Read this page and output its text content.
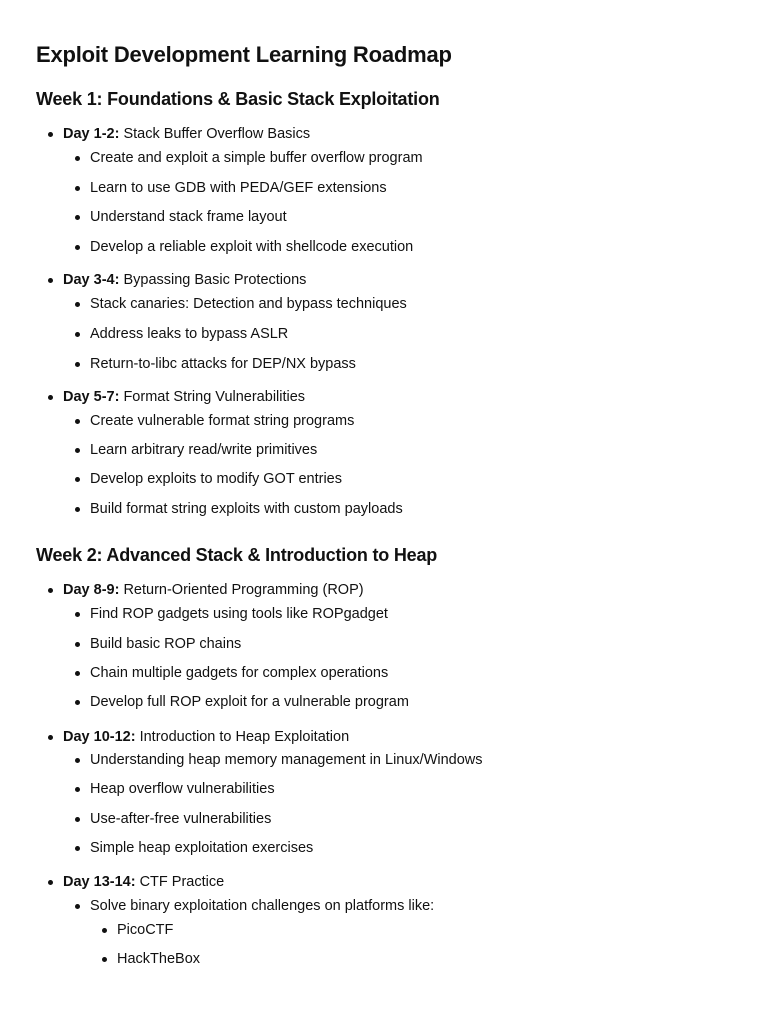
Exploit Development Learning Roadmap
Week 1: Foundations & Basic Stack Exploitation
Day 1-2: Stack Buffer Overflow Basics
Create and exploit a simple buffer overflow program
Learn to use GDB with PEDA/GEF extensions
Understand stack frame layout
Develop a reliable exploit with shellcode execution
Day 3-4: Bypassing Basic Protections
Stack canaries: Detection and bypass techniques
Address leaks to bypass ASLR
Return-to-libc attacks for DEP/NX bypass
Day 5-7: Format String Vulnerabilities
Create vulnerable format string programs
Learn arbitrary read/write primitives
Develop exploits to modify GOT entries
Build format string exploits with custom payloads
Week 2: Advanced Stack & Introduction to Heap
Day 8-9: Return-Oriented Programming (ROP)
Find ROP gadgets using tools like ROPgadget
Build basic ROP chains
Chain multiple gadgets for complex operations
Develop full ROP exploit for a vulnerable program
Day 10-12: Introduction to Heap Exploitation
Understanding heap memory management in Linux/Windows
Heap overflow vulnerabilities
Use-after-free vulnerabilities
Simple heap exploitation exercises
Day 13-14: CTF Practice
Solve binary exploitation challenges on platforms like:
PicoCTF
HackTheBox
